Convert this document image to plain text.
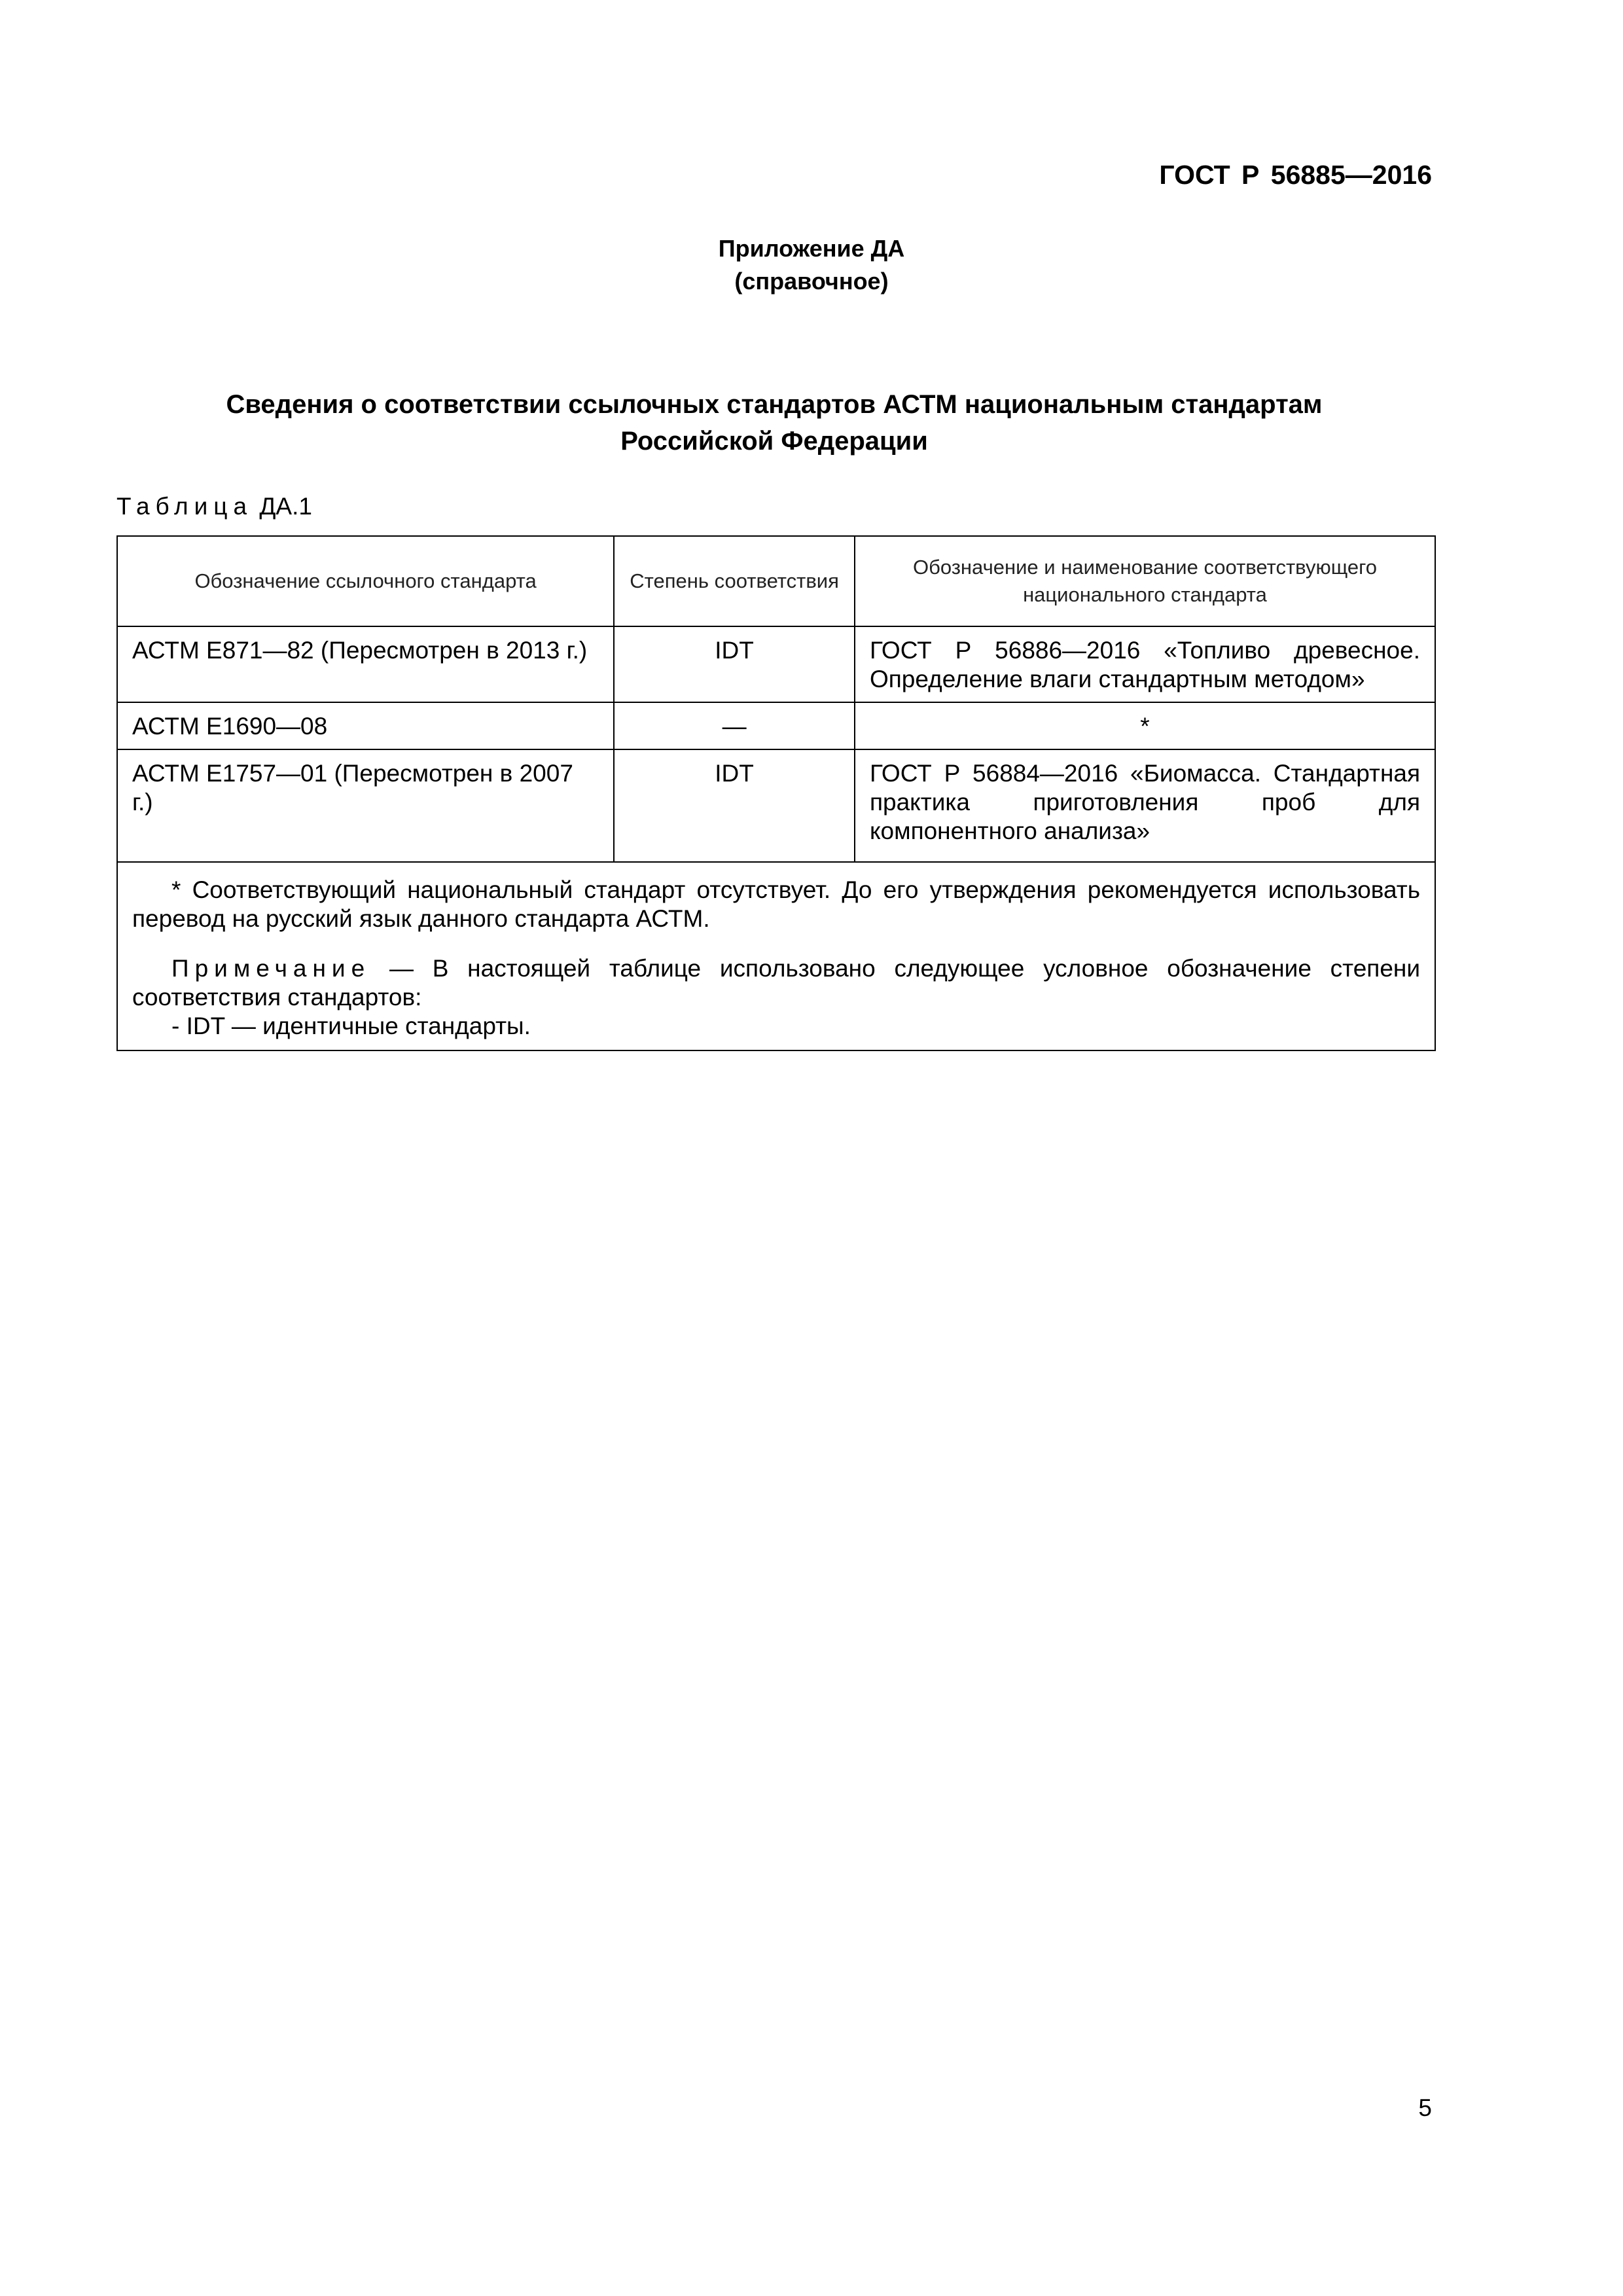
ГОСТ Р 56885—2016
Приложение ДА
(справочное)
Сведения о соответствии ссылочных стандартов АСТМ национальным стандартам
Российской Федерации
Таблица ДА.1
Обозначение ссылочного стандарта	Степень соответствия	Обозначение и наименование соответствующего национального стандарта
АСТМ Е871—82 (Пересмотрен в 2013 г.)	IDT	ГОСТ Р 56886—2016 «Топливо древесное. Определение влаги стандартным методом»
АСТМ Е1690—08	—	*
АСТМ Е1757—01 (Пересмотрен в 2007 г.)	IDT	ГОСТ Р 56884—2016 «Биомасса. Стандартная практика приготовления проб для компонентного анализа»

* Соответствующий национальный стандарт отсутствует. До его утверждения рекомендуется использовать перевод на русский язык данного стандарта АСТМ.

Примечание — В настоящей таблице использовано следующее условное обозначение степени соответствия стандартов:

- IDT — идентичные стандарты.		

5
